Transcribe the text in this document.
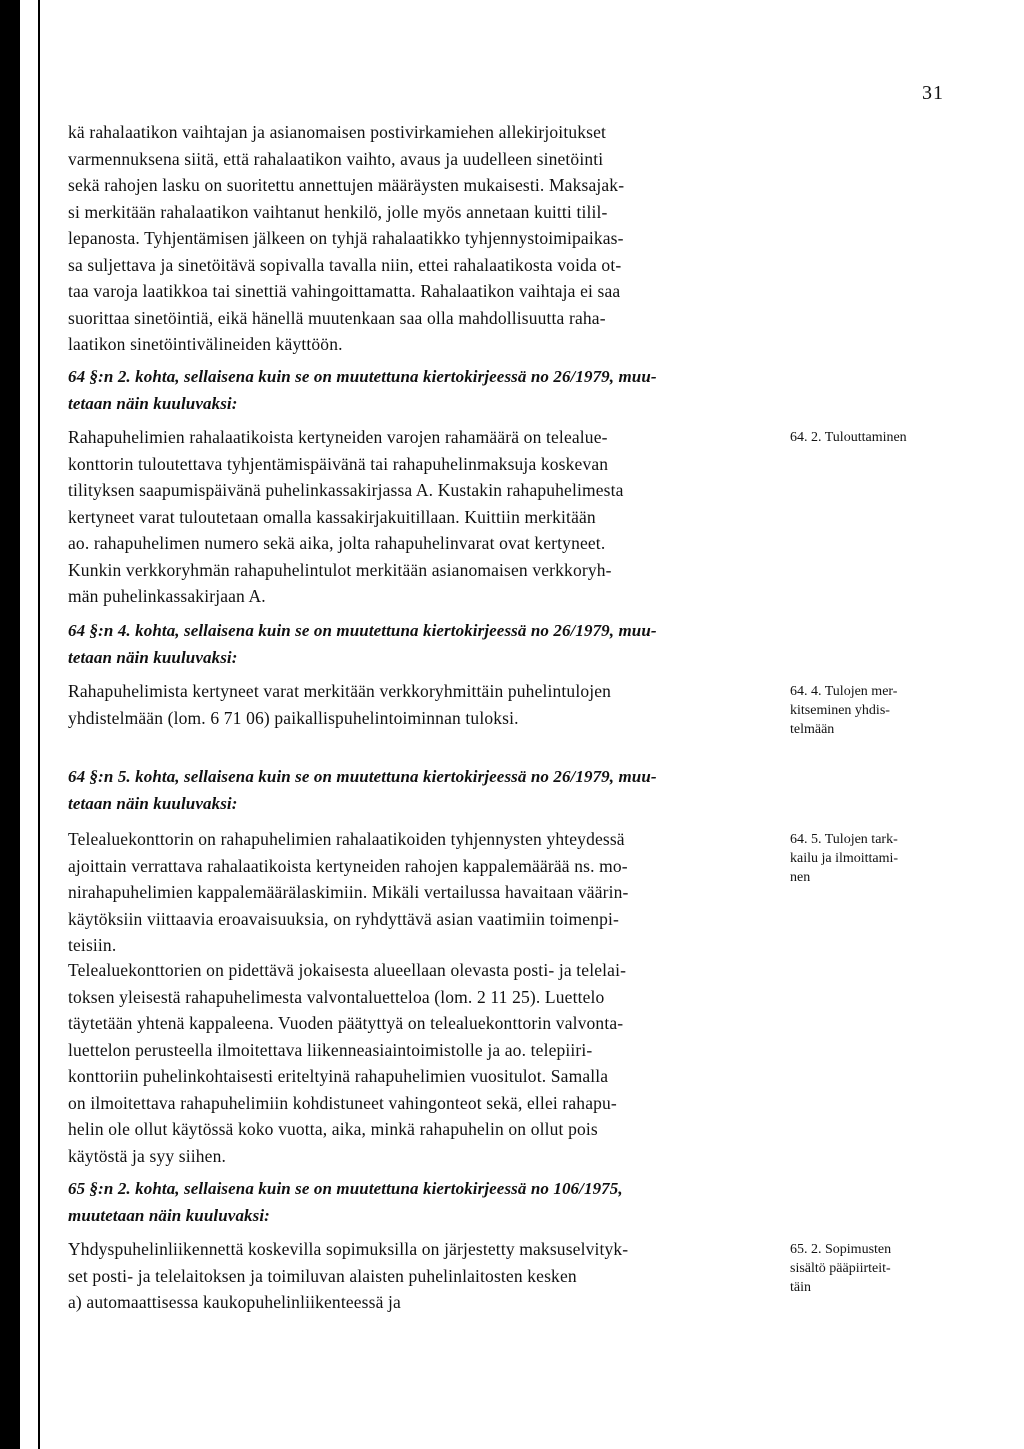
31
kä rahalaatikon vaihtajan ja asianomaisen postivirkamiehen allekirjoitukset
varmennuksena siitä, että rahalaatikon vaihto, avaus ja uudelleen sinetöinti
sekä rahojen lasku on suoritettu annettujen määräysten mukaisesti. Maksajak-
si merkitään rahalaatikon vaihtanut henkilö, jolle myös annetaan kuitti tilil-
lepanosta. Tyhjentämisen jälkeen on tyhjä rahalaatikko tyhjennystoimipaikas-
sa suljettava ja sinetöitävä sopivalla tavalla niin, ettei rahalaatikosta voida ot-
taa varoja laatikkoa tai sinettiä vahingoittamatta. Rahalaatikon vaihtaja ei saa
suorittaa sinetöintiä, eikä hänellä muutenkaan saa olla mahdollisuutta raha-
laatikon sinetöintivälineiden käyttöön.
64 §:n 2. kohta, sellaisena kuin se on muutettuna kiertokirjeessä no 26/1979, muu-
tetaan näin kuuluvaksi:
Rahapuhelimien rahalaatikoista kertyneiden varojen rahamäärä on telealue-
konttorin tuloutettava tyhjentämispäivänä tai rahapuhelinmaksuja koskevan
tilityksen saapumispäivänä puhelinkassakirjassa A. Kustakin rahapuhelimesta
kertyneet varat tuloutetaan omalla kassakirjakuitillaan. Kuittiin merkitään
ao. rahapuhelimen numero sekä aika, jolta rahapuhelinvarat ovat kertyneet.
Kunkin verkkoryhmän rahapuhelintulot merkitään asianomaisen verkkoryh-
män puhelinkassakirjaan A.
64. 2. Tulouttaminen
64 §:n 4. kohta, sellaisena kuin se on muutettuna kiertokirjeessä no 26/1979, muu-
tetaan näin kuuluvaksi:
Rahapuhelimista kertyneet varat merkitään verkkoryhmittäin puhelintulojen
yhdistelmään (lom. 6 71 06) paikallispuhelintoiminnan tuloksi.
64. 4. Tulojen mer-
kitseminen yhdis-
telmään
64 §:n 5. kohta, sellaisena kuin se on muutettuna kiertokirjeessä no 26/1979, muu-
tetaan näin kuuluvaksi:
Telealuekonttorin on rahapuhelimien rahalaatikoiden tyhjennysten yhteydessä
ajoittain verrattava rahalaatikoista kertyneiden rahojen kappalemäärää ns. mo-
nirahapuhelimien kappalemäärälaskimiin. Mikäli vertailussa havaitaan väärin-
käytöksiin viittaavia eroavaisuuksia, on ryhdyttävä asian vaatimiin toimenpi-
teisiin.
64. 5. Tulojen tark-
kailu ja ilmoittami-
nen
Telealuekonttorien on pidettävä jokaisesta alueellaan olevasta posti- ja telelai-
toksen yleisestä rahapuhelimesta valvontaluetteloa (lom. 2 11 25). Luettelo
täytetään yhtenä kappaleena. Vuoden päätyttyä on telealuekonttorin valvonta-
luettelon perusteella ilmoitettava liikenneasiaintoimistolle ja ao. telepiiri-
konttoriin puhelinkohtaisesti eriteltyinä rahapuhelimien vuositulot. Samalla
on ilmoitettava rahapuhelimiin kohdistuneet vahingonteot sekä, ellei rahapu-
helin ole ollut käytössä koko vuotta, aika, minkä rahapuhelin on ollut pois
käytöstä ja syy siihen.
65 §:n 2. kohta, sellaisena kuin se on muutettuna kiertokirjeessä no 106/1975,
muutetaan näin kuuluvaksi:
Yhdyspuhelinliikennettä koskevilla sopimuksilla on järjestetty maksuselvityk-
set posti- ja telelaitoksen ja toimiluvan alaisten puhelinlaitosten kesken
a) automaattisessa kaukopuhelinliikenteessä ja
65. 2. Sopimusten
sisältö pääpiirteit-
täin
